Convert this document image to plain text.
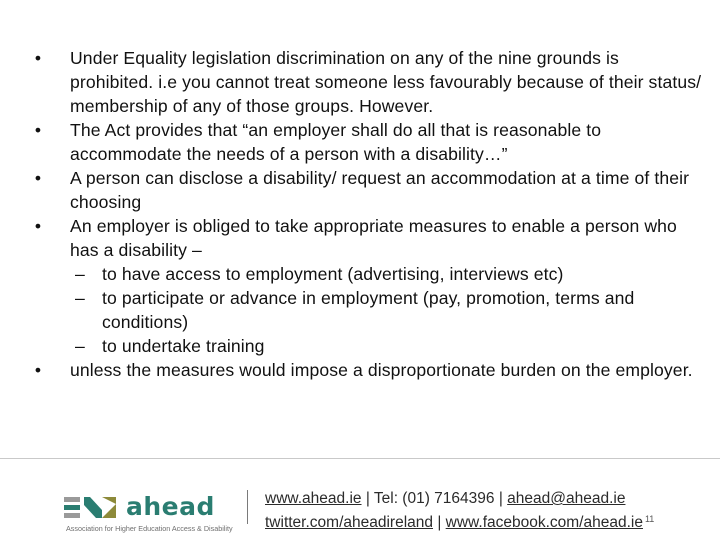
•	Under Equality legislation discrimination on any of the nine grounds is prohibited. i.e you cannot treat someone less favourably because of their status/ membership of any of those groups. However.
•	The Act provides that “an employer shall do all that is reasonable to accommodate the needs of a person with a disability…”
•	A person can disclose a disability/ request an accommodation at a time of their choosing
•	An employer is obliged to take appropriate measures to enable a person who has a disability –
– to have access to employment (advertising, interviews etc)
– to participate or advance in employment (pay, promotion, terms and conditions)
– to undertake training
•	unless the measures would impose a disproportionate burden on the employer.
ahead
Association for Higher Education Access & Disability
www.ahead.ie | Tel: (01) 7164396 | ahead@ahead.ie
twitter.com/aheadireland | www.facebook.com/ahead.ie $^{11}$
